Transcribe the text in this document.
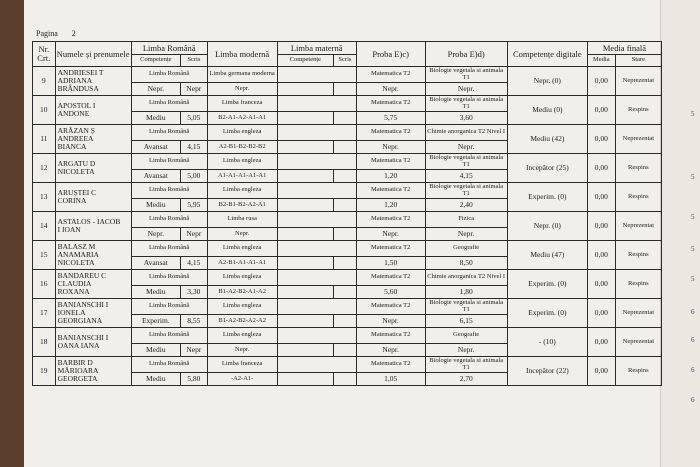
Pagina 2
Nr. Crt.	Numele și prenumele	Limba Română		Limba modernă	Limba maternă		Proba E)c)	Proba E)d)	Competențe digitale	Media finală	
		Competențe	Scris		Competențe	Scris				Media	Stare
9	ANDRIESEI T
ADRIANA
BRÂNDUSA	Limba Română		Limba germana moderna			Matematica T2	Biologie vegetala si animala T1	Nepr. (0)	0,00	Neprezentat
		Nepr.	Nepr	Nepr.			Nepr.	Nepr.			
10	APOSTOL I
ANDONE	Limba Română		Limba franceza			Matematica T2	Biologie vegetala si animala T1	Mediu (0)	0,00	Respins
		Mediu	5,05	B2-A1-A2-A1-A1			5,75	3,60			
11	ARĂZAN Ș
ANDREEA
BIANCA	Limba Română		Limba engleza			Matematica T2	Chimie anorganica T2 Nivel I	Mediu (42)	0,00	Neprezentat
		Avansat	4,15	A2-B1-B2-B2-B2			Nepr.	Nepr.			
12	ARGATU D
NICOLETA	Limba Română		Limba engleza			Matematica T2	Biologie vegetala si animala T1	Incepător (25)	0,00	Respins
		Avansat	5,00	A1-A1-A1-A1-A1			1,20	4,15			
13	ARUȘTEI C
CORINA	Limba Română		Limba engleza			Matematica T2	Biologie vegetala si animala T1	Experim. (0)	0,00	Respins
		Mediu	5,95	B2-B1-B2-A2-A1			1,20	2,40			
14	ASTALOS - IACOB
I IOAN	Limba Română		Limba rusa			Matematica T2	Fizica	Nepr. (0)	0,00	Neprezentat
		Nepr.	Nepr	Nepr.			Nepr.	Nepr.			
15	BALASZ M
ANAMARIA
NICOLETA	Limba Română		Limba engleza			Matematica T2	Geografie	Mediu (47)	0,00	Respins
		Avansat	4,15	A2-B1-A1-A1-A1			1,50	8,50			
16	BANDAREU C
CLAUDIA
ROXANA	Limba Română		Limba engleza			Matematica T2	Chimie anorganica T2 Nivel I	Experim. (0)	0,00	Respins
		Mediu	3,30	B1-A2-B2-A1-A2			5,60	1,80			
17	BANIANSCHI I
IONELA
GEORGIANA	Limba Română		Limba engleza			Matematica T2	Biologie vegetala si animala T1	Experim. (0)	0,00	Neprezentat
		Experim.	8,55	B1-A2-B2-A2-A2			Nepr.	6,15			
18	BANIANSCHI I
OANA IANA	Limba Română		Limba engleza			Matematica T2	Geografie	- (10)	0,00	Neprezentat
		Mediu	Nepr	Nepr.			Nepr.	Nepr.			
19	BARBIR D
MĂRIOARA
GEORGETA	Limba Română		Limba franceza			Matematica T2	Biologie vegetala si animala T1	Incepător (22)	0,00	Respins
		Mediu	5,80	-A2-A1-			1,05	2,70			
5
5
5
5
5
6
6
6
6
